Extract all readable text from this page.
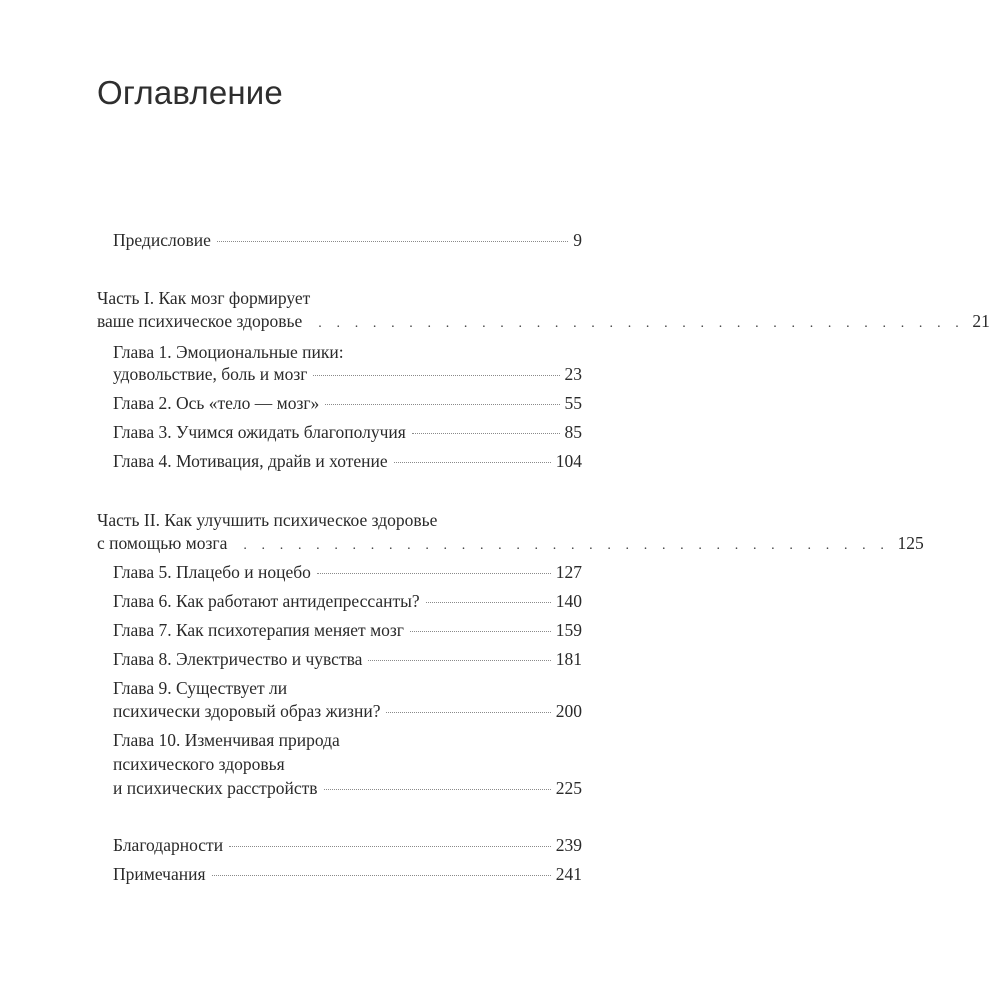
Оглавление
Предисловие	9
Часть I. Как мозг формирует
ваше психическое здоровье . . . . . . . . . . . . . . . . . . . . . . . . . . . . . . . . . . . . 21
Глава 1. Эмоциональные пики:
удовольствие, боль и мозг	23
Глава 2. Ось «тело — мозг»	55
Глава 3. Учимся ожидать благополучия	85
Глава 4. Мотивация, драйв и хотение	104
Часть II. Как улучшить психическое здоровье
с помощью мозга . . . . . . . . . . . . . . . . . . . . . . . . . . . . . . . . . . . . 125
Глава 5. Плацебо и ноцебо	127
Глава 6. Как работают антидепрессанты?	140
Глава 7. Как психотерапия меняет мозг	159
Глава 8. Электричество и чувства	181
Глава 9. Существует ли
психически здоровый образ жизни?	200
Глава 10. Изменчивая природа
психического здоровья
и психических расстройств	225
Благодарности	239
Примечания	241
